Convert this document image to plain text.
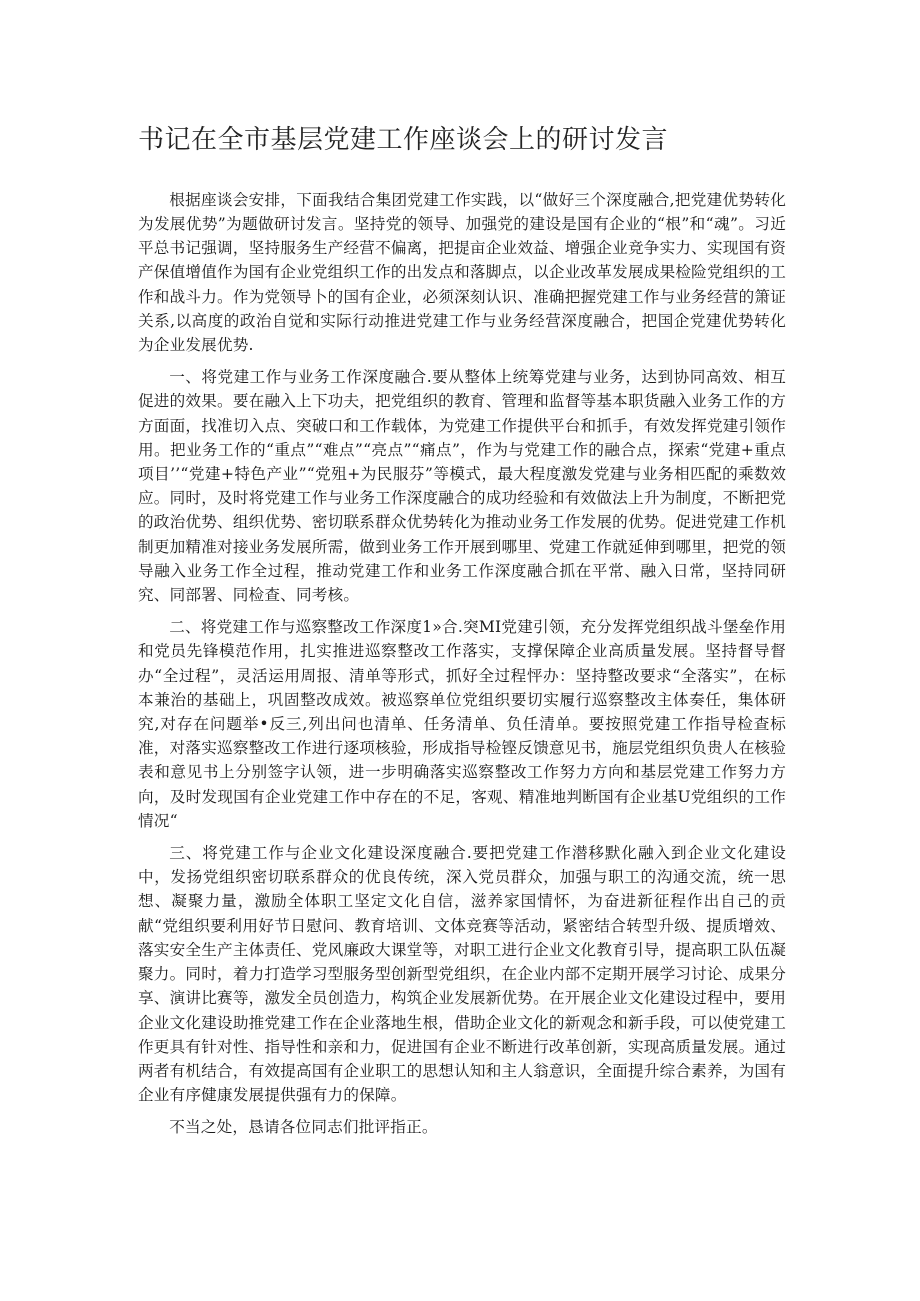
书记在全市基层党建工作座谈会上的研讨发言

根据座谈会安排，下面我结合集团党建工作实践，以“做好三个深度融合,把党建优势转化为发展优势”为题做研讨发言。坚持党的领导、加强党的建设是国有企业的“根”和“魂”。习近平总书记强调，坚持服务生产经营不偏离，把提亩企业效益、增强企业竞争实力、实现国有资产保值增值作为国有企业党组织工作的出发点和落脚点，以企业改革发展成果检险党组织的工作和战斗力。作为党领导卜的国有企业，必须深刻认识、准确把握党建工作与业务经营的箫证关系,以高度的政治自觉和实际行动推进党建工作与业务经营深度融合，把国企党建优势转化为企业发展优势.

一、将党建工作与业务工作深度融合.要从整体上统筹党建与业务，达到协同高效、相互促进的效果。要在融入上下功夫，把党组织的教育、管理和监督等基本职货融入业务工作的方方面面，找准切入点、突破口和工作载体，为党建工作提供平台和抓手，有效发挥党建引领作用。把业务工作的“重点”“难点”“亮点”“痛点”，作为与党建工作的融合点，探索“党建+重点项目’’“党建+特色产业”“党殂+为民服芬”等模式，最大程度激发党建与业务相匹配的乘数效应。同时，及时将党建工作与业务工作深度融合的成功经验和有效做法上升为制度，不断把党的政治优势、组织优势、密切联系群众优势转化为推动业务工作发展的优势。促进党建工作机制更加精准对接业务发展所需，做到业务工作开展到哪里、党建工作就延伸到哪里，把党的领导融入业务工作全过程，推动党建工作和业务工作深度融合抓在平常、融入日常，坚持同研究、同部署、同检查、同考核。

二、将党建工作与巡察整改工作深度1»合.突MI党建引领，充分发挥党组织战斗堡垒作用和党员先锋模范作用，扎实推进巡察整改工作落实，支撑保障企业高质量发展。坚持督导督办“全过程”，灵活运用周报、清单等形式，抓好全过程怦办：坚持整改要求“全落实”，在标本兼治的基础上，巩固整改成效。被巡察单位党组织要切实履行巡察整改主体奏任，集体研究,对存在问题举•反三,列出问也清单、任务清单、负任清单。要按照党建工作指导检查标准，对落实巡察整改工作进行逐项核验，形成指导检铿反馈意见书，施层党组织负贵人在核验表和意见书上分别签字认领，进一步明确落实巡察整改工作努力方向和基层党建工作努力方向，及时发现国有企业党建工作中存在的不足，客观、精准地判断国有企业基U党组织的工作情况“

三、将党建工作与企业文化建设深度融合.要把党建工作潜移默化融入到企业文化建设中，发扬党组织密切联系群众的优良传统，深入党员群众，加强与职工的沟通交流，统一思想、凝聚力量，激励全体职工坚定文化自信，滋养家国情怀，为奋进新征程作出自己的贡献“党组织要利用好节日慰问、教育培训、文体竞赛等活动，紧密结合转型升级、提质增效、落实安全生产主体责任、党风廉政大课堂等，对职工进行企业文化教育引导，提高职工队伍凝聚力。同时，着力打造学习型服务型创新型党组织，在企业内部不定期开展学习讨论、成果分享、演讲比赛等，激发全员创造力，构筑企业发展新优势。在开展企业文化建设过程中，要用企业文化建设助推党建工作在企业落地生根，借助企业文化的新观念和新手段，可以使党建工作更具有针对性、指导性和亲和力，促进国有企业不断进行改革创新，实现高质量发展。通过两者有机结合，有效提高国有企业职工的思想认知和主人翁意识，全面提升综合素养，为国有企业有序健康发展提供强有力的保障。

不当之处，恳请各位同志们批评指正。
